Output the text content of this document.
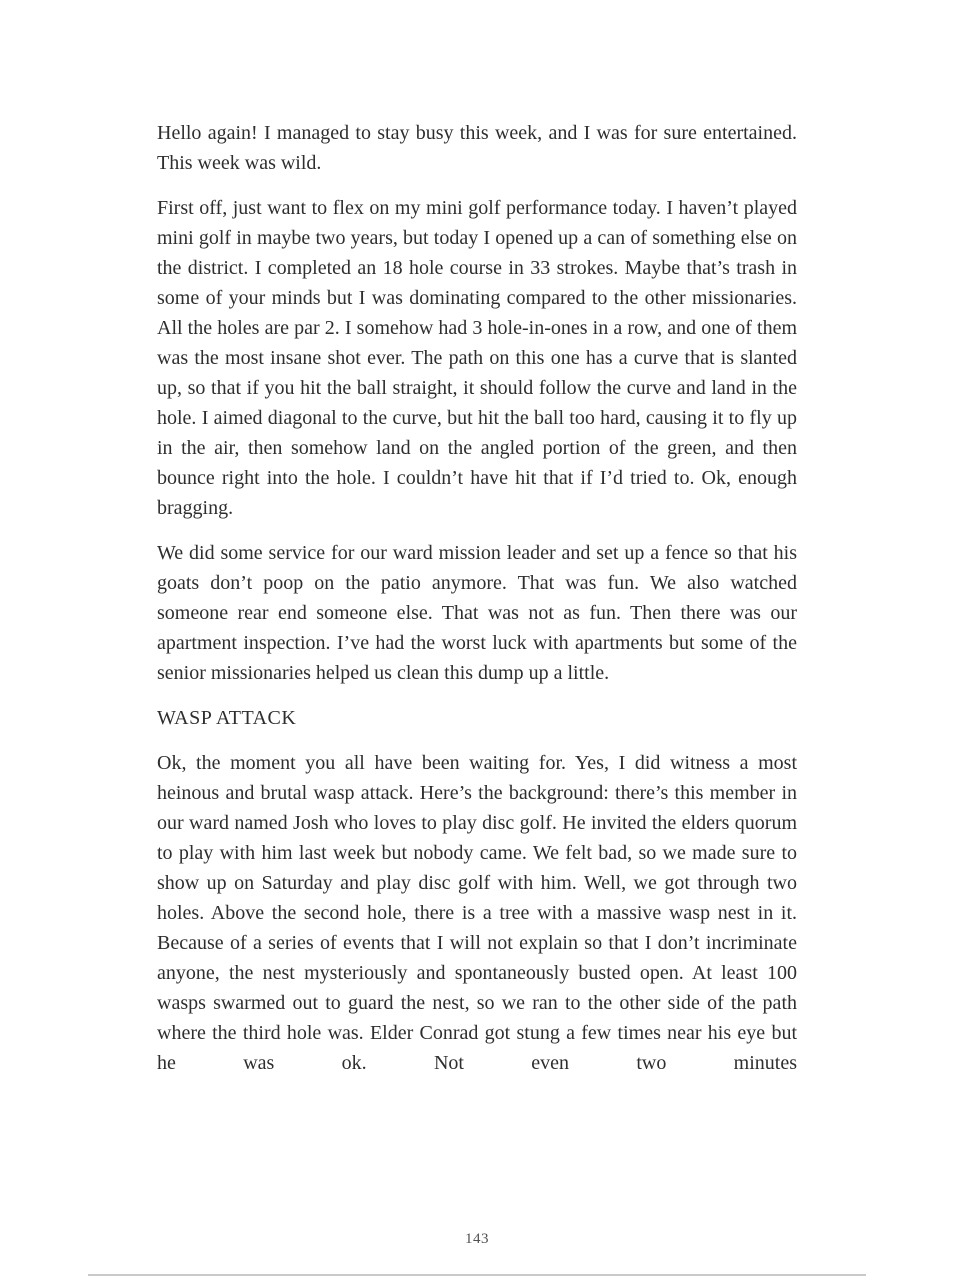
Hello again! I managed to stay busy this week, and I was for sure entertained. This week was wild.

First off, just want to flex on my mini golf performance today. I haven’t played mini golf in maybe two years, but today I opened up a can of something else on the district. I completed an 18 hole course in 33 strokes. Maybe that’s trash in some of your minds but I was dominating compared to the other missionaries. All the holes are par 2. I somehow had 3 hole-in-ones in a row, and one of them was the most insane shot ever. The path on this one has a curve that is slanted up, so that if you hit the ball straight, it should follow the curve and land in the hole. I aimed diagonal to the curve, but hit the ball too hard, causing it to fly up in the air, then somehow land on the angled portion of the green, and then bounce right into the hole. I couldn’t have hit that if I’d tried to. Ok, enough bragging.

We did some service for our ward mission leader and set up a fence so that his goats don’t poop on the patio anymore. That was fun. We also watched someone rear end someone else. That was not as fun. Then there was our apartment inspection. I’ve had the worst luck with apartments but some of the senior missionaries helped us clean this dump up a little.

WASP ATTACK

Ok, the moment you all have been waiting for. Yes, I did witness a most heinous and brutal wasp attack. Here’s the background: there’s this member in our ward named Josh who loves to play disc golf. He invited the elders quorum to play with him last week but nobody came. We felt bad, so we made sure to show up on Saturday and play disc golf with him. Well, we got through two holes. Above the second hole, there is a tree with a massive wasp nest in it. Because of a series of events that I will not explain so that I don’t incriminate anyone, the nest mysteriously and spontaneously busted open. At least 100 wasps swarmed out to guard the nest, so we ran to the other side of the path where the third hole was. Elder Conrad got stung a few times near his eye but he was ok. Not even two minutes

143
